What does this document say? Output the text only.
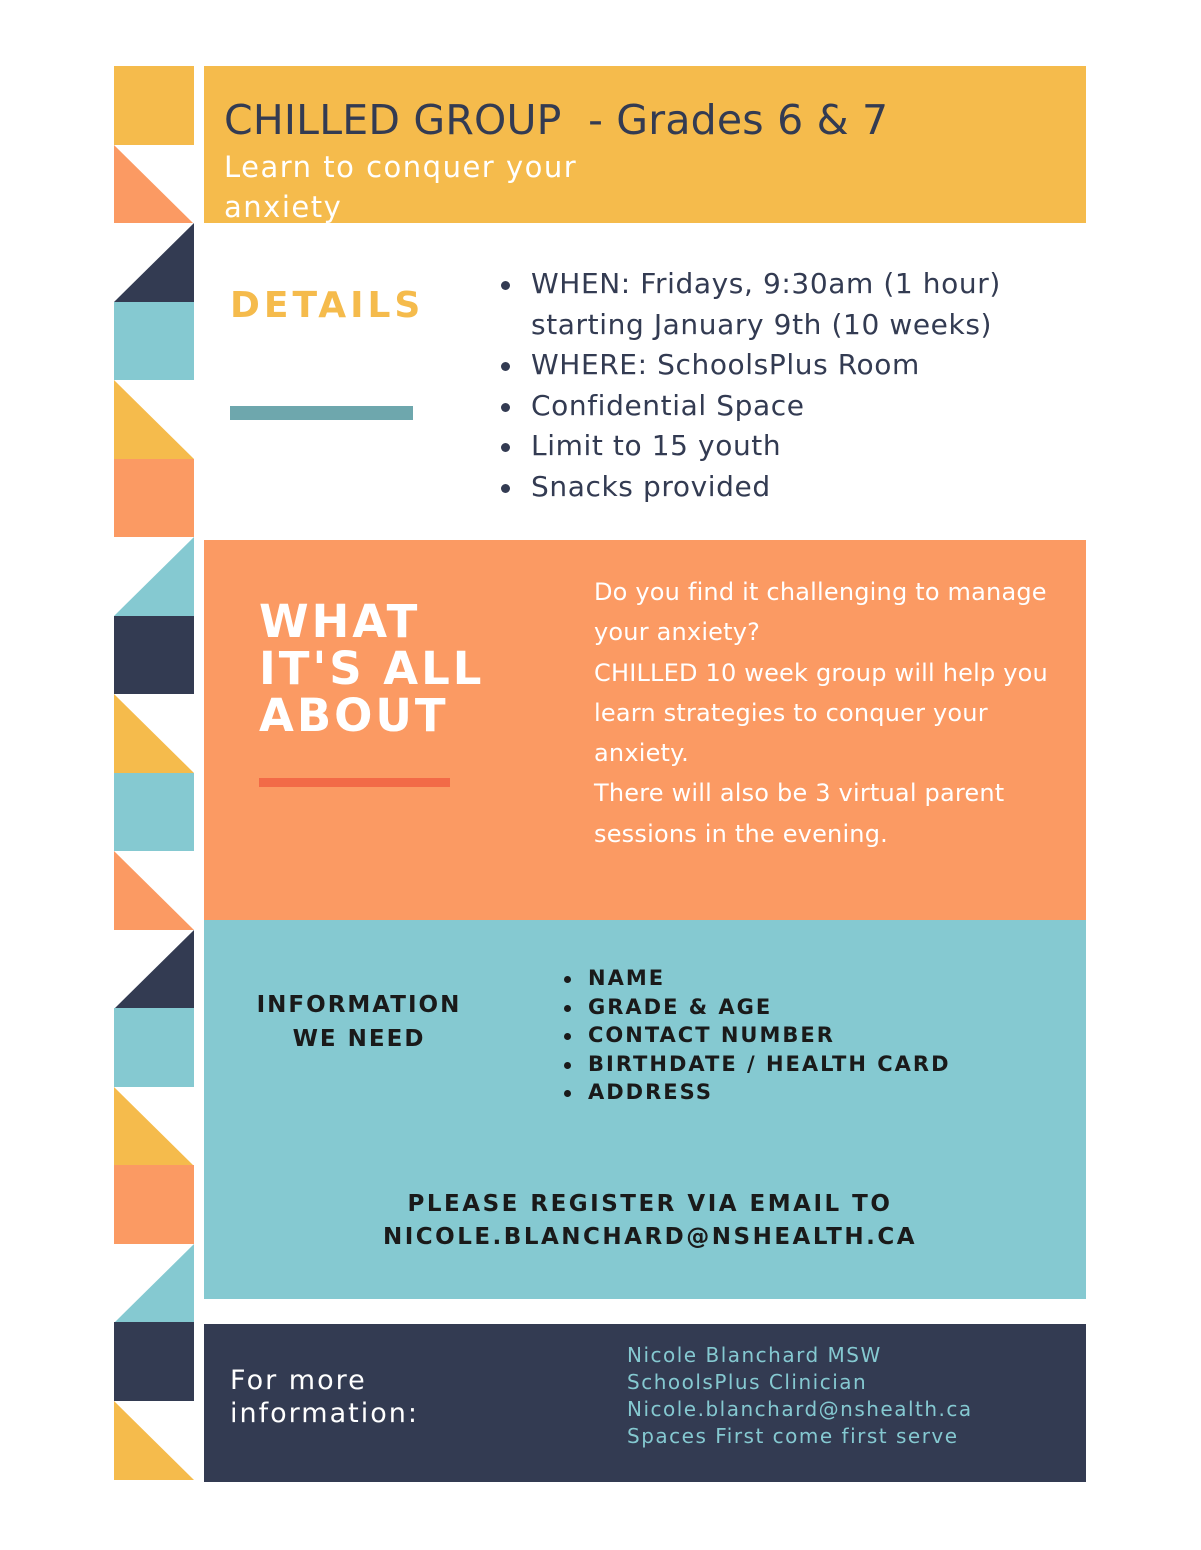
CHILLED GROUP  - Grades 6 & 7
Learn to conquer your anxiety
DETAILS
WHEN: Fridays, 9:30am (1 hour) starting January 9th (10 weeks)
WHERE: SchoolsPlus Room
Confidential Space
Limit to 15 youth
Snacks provided
WHAT IT'S ALL ABOUT

Do you find it challenging to manage your anxiety?

CHILLED 10 week group will help you learn strategies to conquer your anxiety.

There will also be 3 virtual parent sessions in the evening.

INFORMATION WE NEED
NAME
GRADE & AGE
CONTACT NUMBER
BIRTHDATE / HEALTH CARD
ADDRESS
PLEASE REGISTER VIA EMAIL TO
NICOLE.BLANCHARD@NSHEALTH.CA
For more information:
Nicole Blanchard MSW
SchoolsPlus Clinician
Nicole.blanchard@nshealth.ca
Spaces First come first serve
